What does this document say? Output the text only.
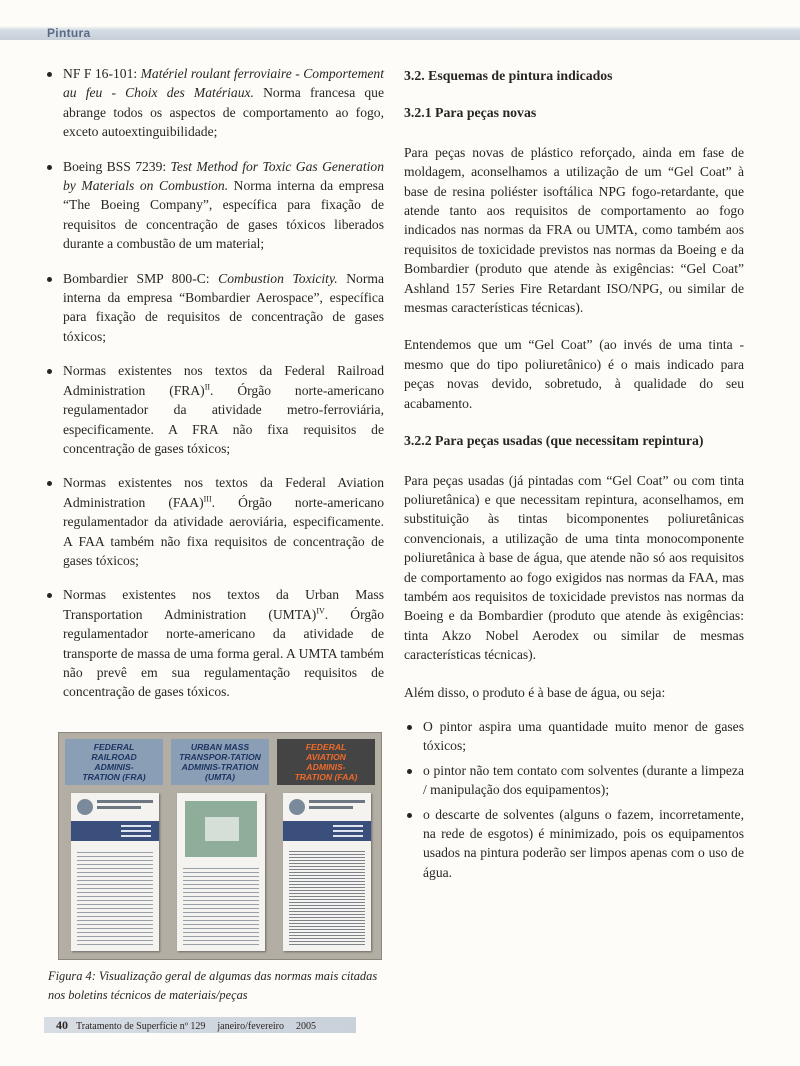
Pintura
NF F 16-101: Matériel roulant ferroviaire - Comportement au feu - Choix des Matériaux. Norma francesa que abrange todos os aspectos de comportamento ao fogo, exceto autoextinguibilidade;
Boeing BSS 7239: Test Method for Toxic Gas Generation by Materials on Combustion. Norma interna da empresa “The Boeing Company”, específica para fixação de requisitos de concentração de gases tóxicos liberados durante a combustão de um material;
Bombardier SMP 800-C: Combustion Toxicity. Norma interna da empresa “Bombardier Aerospace”, específica para fixação de requisitos de concentração de gases tóxicos;
Normas existentes nos textos da Federal Railroad Administration (FRA)$^{II}$. Órgão norte-americano regulamentador da atividade metro-ferroviária, especificamente. A FRA não fixa requisitos de concentração de gases tóxicos;
Normas existentes nos textos da Federal Aviation Administration (FAA)$^{III}$. Órgão norte-americano regulamentador da atividade aeroviária, especificamente. A FAA também não fixa requisitos de concentração de gases tóxicos;
Normas existentes nos textos da Urban Mass Transportation Administration (UMTA)$^{IV}$. Órgão regulamentador norte-americano da atividade de transporte de massa de uma forma geral. A UMTA também não prevê em sua regulamentação requisitos de concentração de gases tóxicos.
FEDERAL
RAILROAD
ADMINIS-
TRATION (FRA)
URBAN MASS
TRANSPOR-TATION
ADMINIS-TRATION
(UMTA)
FEDERAL
AVIATION
ADMINIS-
TRATION (FAA)
Figura 4: Visualização geral de algumas das normas mais citadas nos boletins técnicos de materiais/peças

3.2. Esquemas de pintura indicados

3.2.1 Para peças novas

Para peças novas de plástico reforçado, ainda em fase de moldagem, aconselhamos a utilização de um “Gel Coat” à base de resina poliéster isoftálica NPG fogo-retardante, que atende tanto aos requisitos de comportamento ao fogo indicados nas normas da FRA ou UMTA, como também aos requisitos de toxicidade previstos nas normas da Boeing e da Bombardier (produto que atende às exigências: “Gel Coat” Ashland 157 Series Fire Retardant ISO/NPG, ou similar de mesmas características técnicas).

Entendemos que um “Gel Coat” (ao invés de uma tinta - mesmo que do tipo poliuretânico) é o mais indicado para peças novas devido, sobretudo, à qualidade do seu acabamento.

3.2.2 Para peças usadas (que necessitam repintura)

Para peças usadas (já pintadas com “Gel Coat” ou com tinta poliuretânica) e que necessitam repintura, aconselhamos, em substituição às tintas bicomponentes poliuretânicas convencionais, a utilização de uma tinta monocomponente poliuretânica à base de água, que atende não só aos requisitos de comportamento ao fogo exigidos nas normas da FAA, mas também aos requisitos de toxicidade previstos nas normas da Boeing e da Bombardier (produto que atende às exigências: tinta Akzo Nobel Aerodex ou similar de mesmas características técnicas).

Além disso, o produto é à base de água, ou seja:

O pintor aspira uma quantidade muito menor de gases tóxicos;
o pintor não tem contato com solventes (durante a limpeza / manipulação dos equipamentos);
o descarte de solventes (alguns o fazem, incorretamente, na rede de esgotos) é minimizado, pois os equipamentos usados na pintura poderão ser limpos apenas com o uso de água.
40 Tratamento de Superfície nº 129 janeiro/fevereiro 2005
